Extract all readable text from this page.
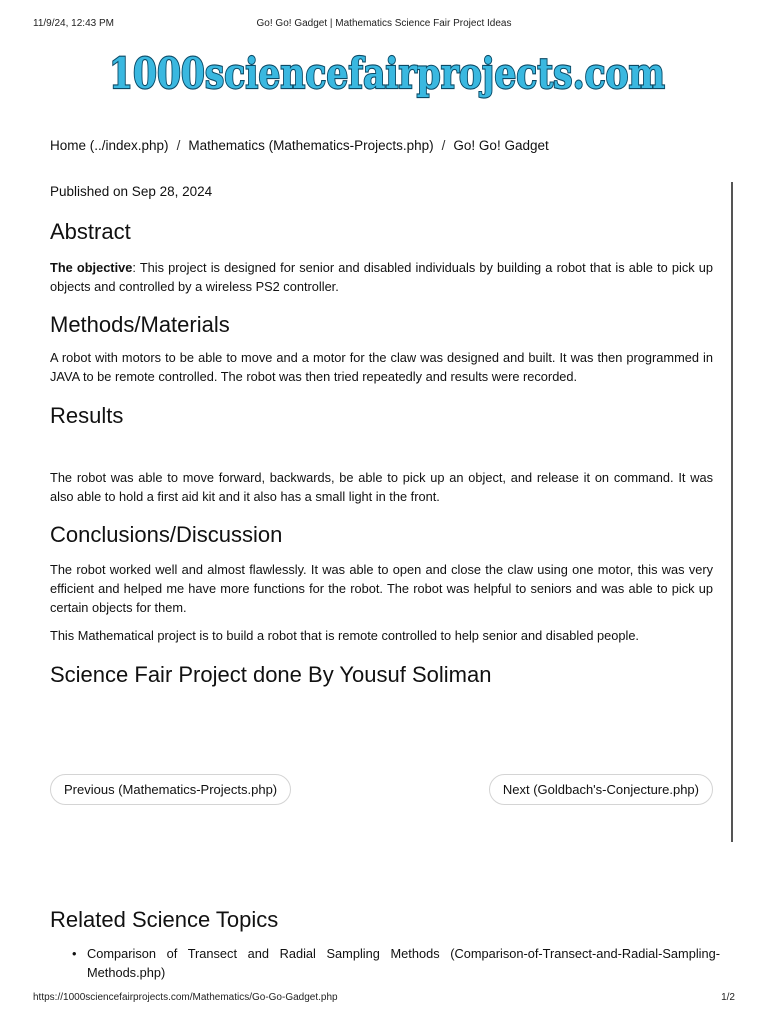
11/9/24, 12:43 PM	Go! Go! Gadget | Mathematics Science Fair Project Ideas
1000sciencefairprojects.com
Home (../index.php) / Mathematics (Mathematics-Projects.php) / Go! Go! Gadget
Published on Sep 28, 2024
Abstract

The objective: This project is designed for senior and disabled individuals by building a robot that is able to pick up objects and controlled by a wireless PS2 controller.

Methods/Materials

A robot with motors to be able to move and a motor for the claw was designed and built. It was then programmed in JAVA to be remote controlled. The robot was then tried repeatedly and results were recorded.

Results

The robot was able to move forward, backwards, be able to pick up an object, and release it on command. It was also able to hold a first aid kit and it also has a small light in the front.

Conclusions/Discussion

The robot worked well and almost flawlessly. It was able to open and close the claw using one motor, this was very efficient and helped me have more functions for the robot. The robot was helpful to seniors and was able to pick up certain objects for them.

This Mathematical project is to build a robot that is remote controlled to help senior and disabled people.

Science Fair Project done By Yousuf Soliman
Previous (Mathematics-Projects.php)	Next (Goldbach's-Conjecture.php)
Related Science Topics
• Comparison of Transect and Radial Sampling Methods (Comparison-of-Transect-and-Radial-Sampling-Methods.php)
https://1000sciencefairprojects.com/Mathematics/Go-Go-Gadget.php	1/2
